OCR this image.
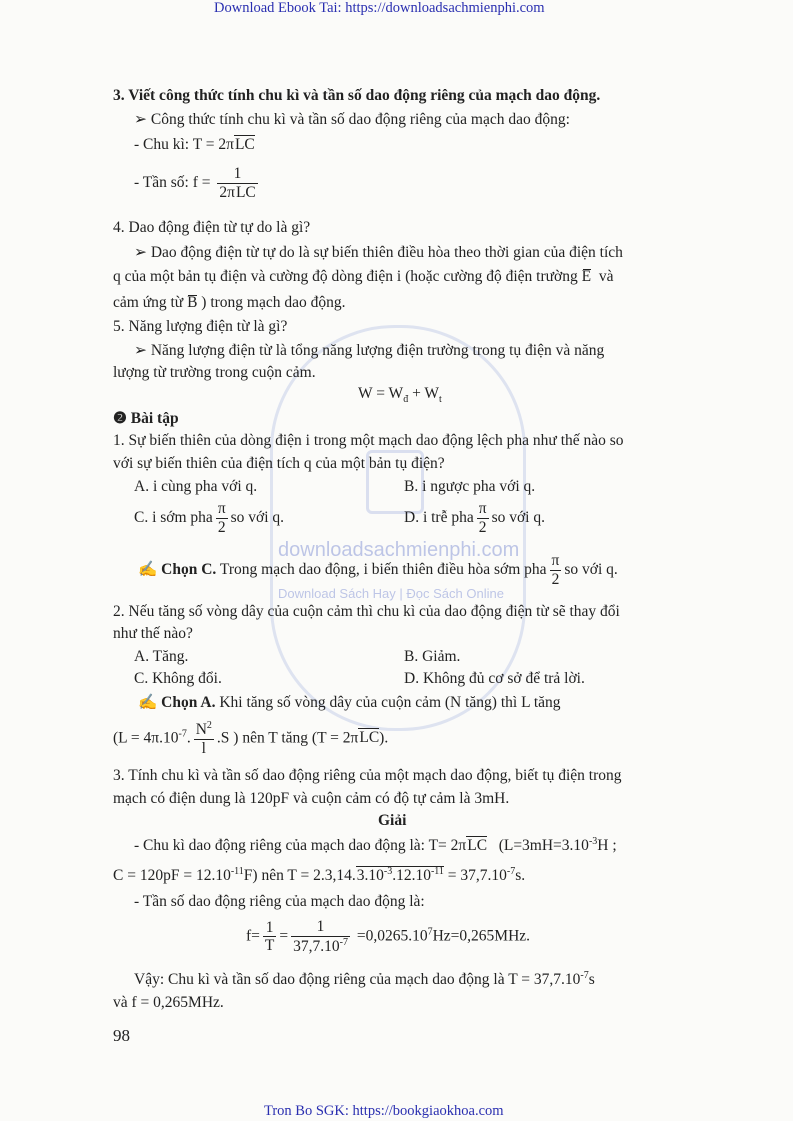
Download Ebook Tai: https://downloadsachmienphi.com
downloadsachmienphi.com
Download Sách Hay | Đọc Sách Online
3. Viết công thức tính chu kì và tần số dao động riêng của mạch dao động.
➢ Công thức tính chu kì và tần số dao động riêng của mạch dao động:
- Chu kì: T = 2πLC
- Tần số: $f = \frac{1}{\text{2πLC}}$
4. Dao động điện từ tự do là gì?
➢ Dao động điện từ tự do là sự biến thiên điều hòa theo thời gian của điện tích
q của một bản tụ điện và cường độ dòng điện i (hoặc cường độ điện trường E và
cảm ứng từ B ) trong mạch dao động.
5. Năng lượng điện từ là gì?
➢ Năng lượng điện từ là tổng năng lượng điện trường trong tụ điện và năng
lượng từ trường trong cuộn cảm.
$W = W_đ + W_t$
❷ Bài tập
1. Sự biến thiên của dòng điện i trong một mạch dao động lệch pha như thế nào so
với sự biến thiên của điện tích q của một bản tụ điện?
A. i cùng pha với q.	B. i ngược pha với q.
C. i sớm pha $\frac{\pi}{2}$ so với q.	D. i trễ pha $\frac{\pi}{2}$ so với q.
✍ Chọn C. Trong mạch dao động, i biến thiên điều hòa sớm pha $\frac{\pi}{2}$ so với q.
2. Nếu tăng số vòng dây của cuộn cảm thì chu kì của dao động điện từ sẽ thay đổi
như thế nào?
A. Tăng.	B. Giảm.
C. Không đổi.	D. Không đủ cơ sở để trả lời.
✍ Chọn A. Khi tăng số vòng dây của cuộn cảm (N tăng) thì L tăng
($L = 4\pi.10^{-7}$. $\frac{N^2}{l} .S$ ) nên T tăng (T = 2πLC).
3. Tính chu kì và tần số dao động riêng của một mạch dao động, biết tụ điện trong
mạch có điện dung là 120pF và cuộn cảm có độ tự cảm là 3mH.
Giải
- Chu kì dao động riêng của mạch dao động là: T= 2πLC ($L=3mH=3.10^{-3}H$ ;
$C = 120pF = 12.10^{-11}F$) nên $T = 2.3,14.3.10^{-3}.12.10^{-11} = 37,7.10^{-7}s$.
- Tần số dao động riêng của mạch dao động là:
$f= \frac{1}{T} = \frac{1}{37,7.10^{-7}} =0,0265.10^7Hz=0,265MHz$.
Vậy: Chu kì và tần số dao động riêng của mạch dao động là $T = 37,7.10^{-7}s$
và f = 0,265MHz.
98
Tron Bo SGK: https://bookgiaokhoa.com
